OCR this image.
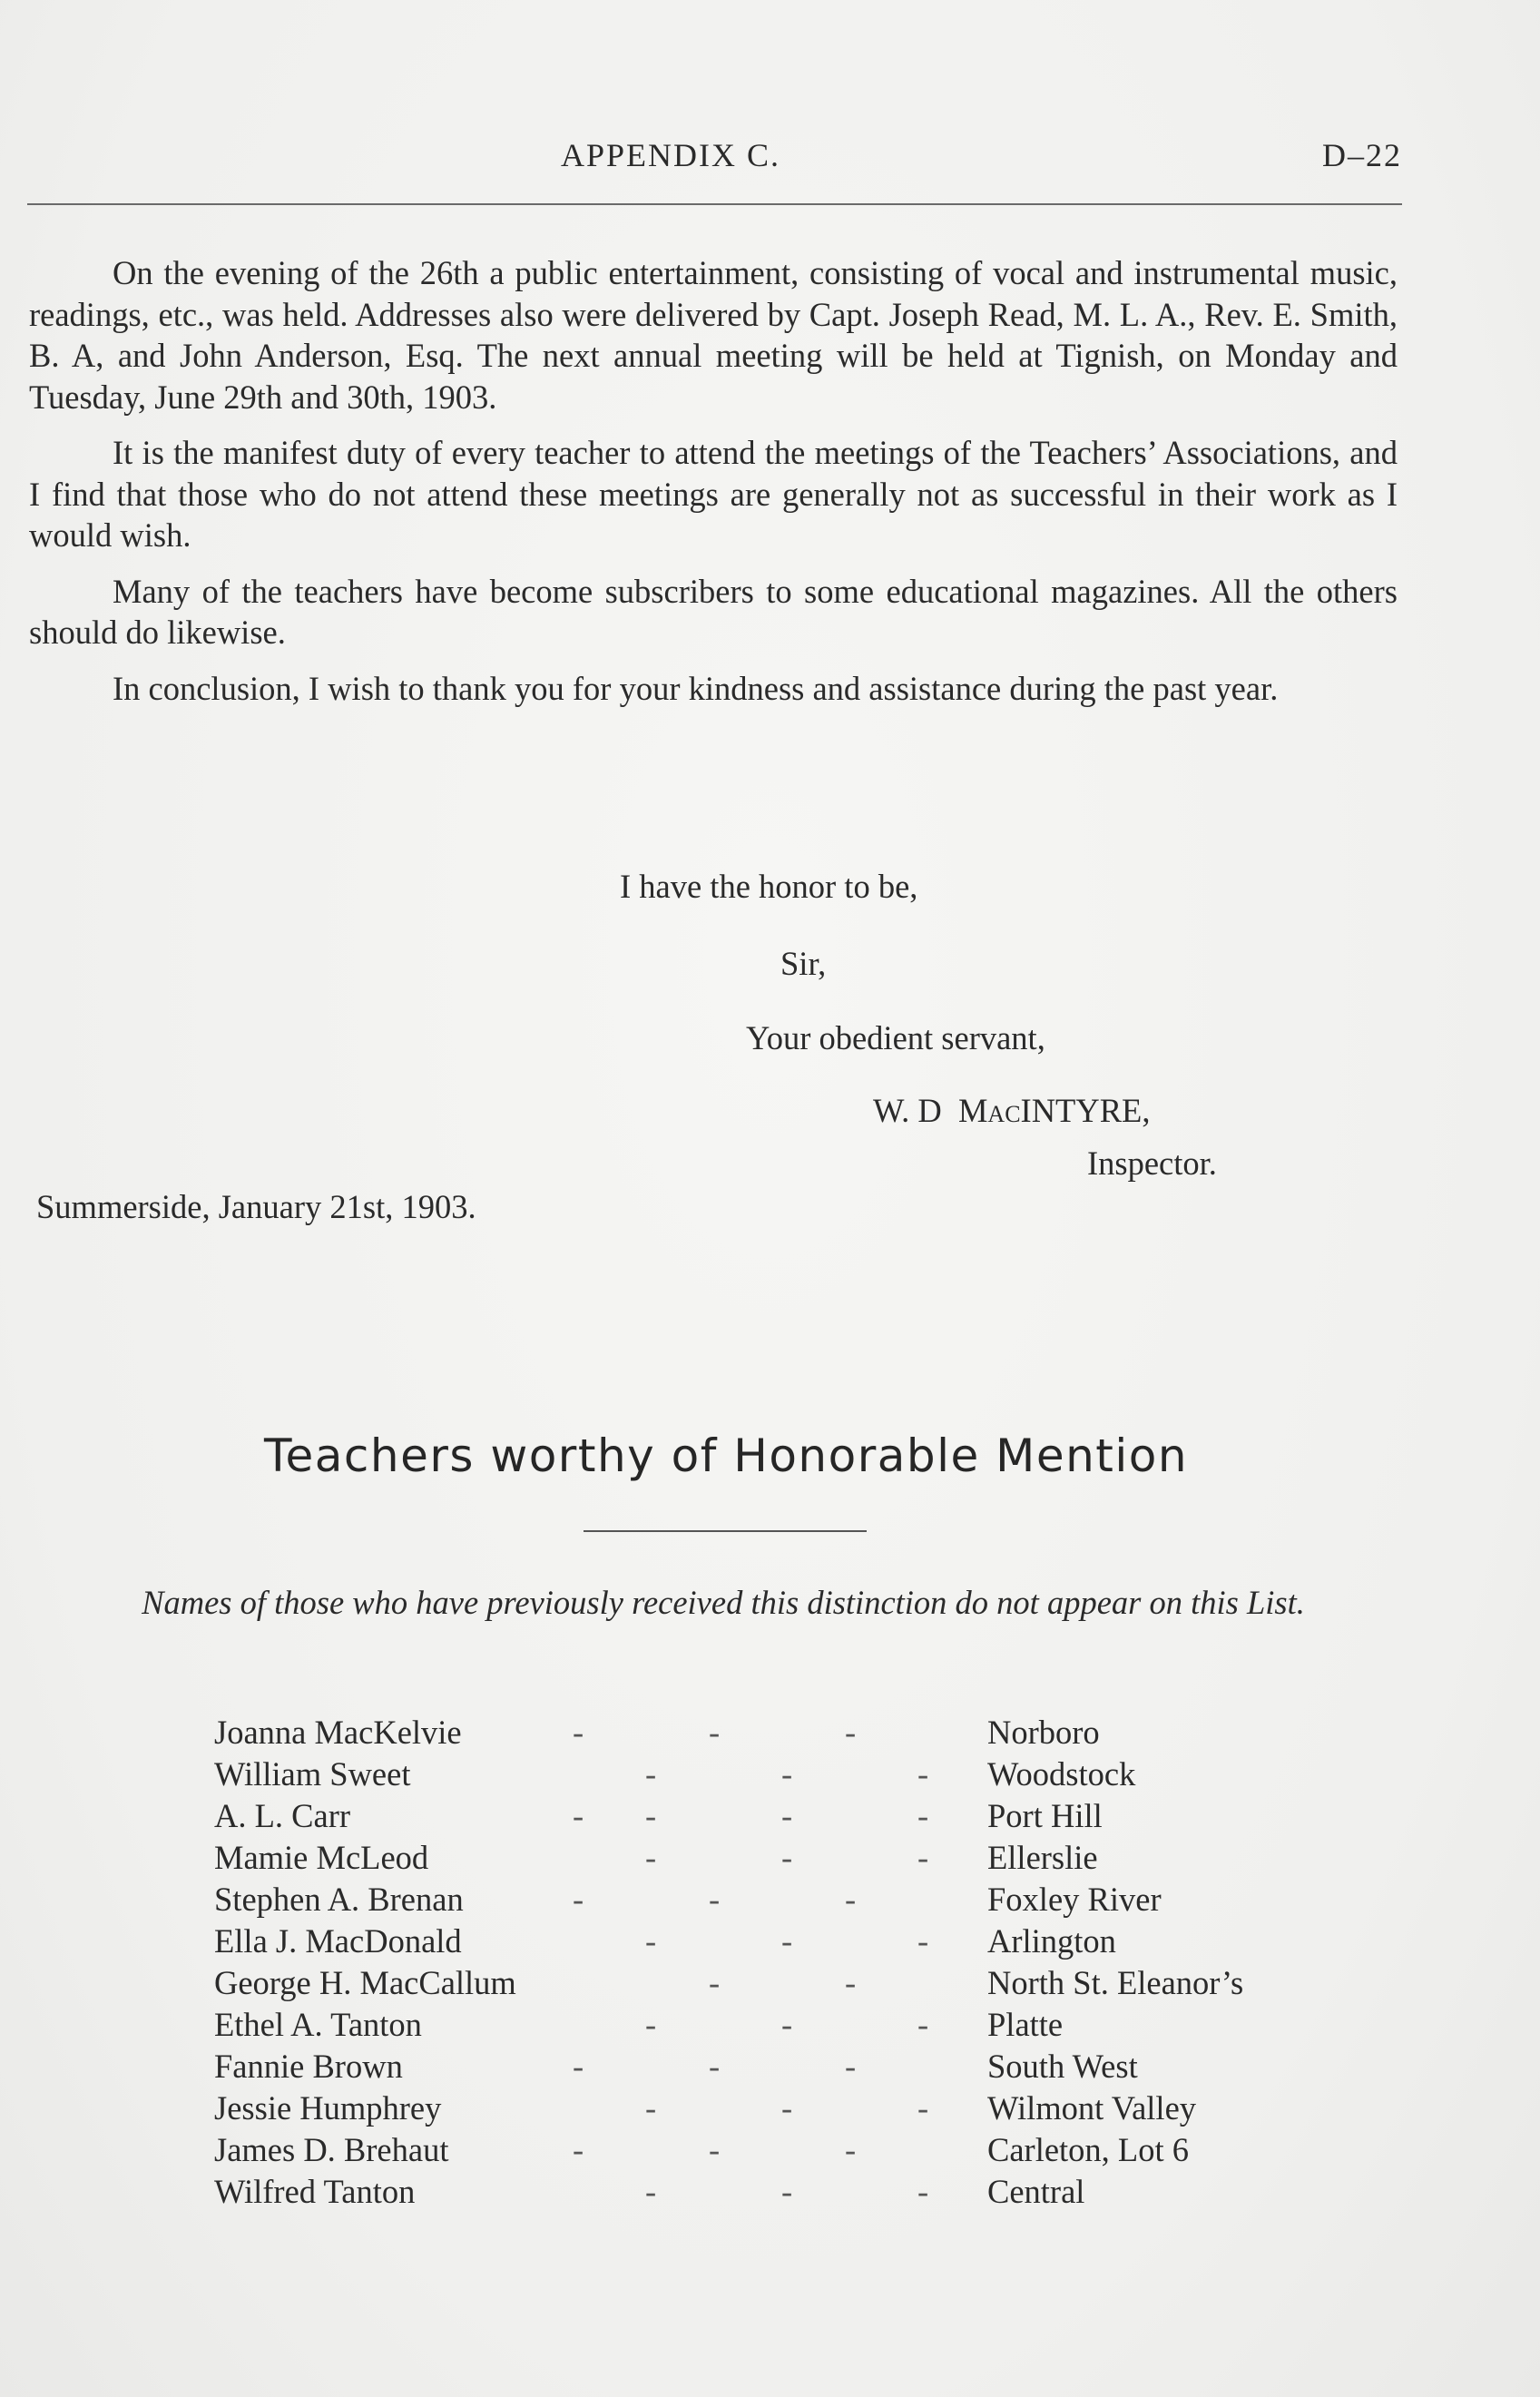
APPENDIX C.	D–22

On the evening of the 26th a public entertainment, consisting of vocal and instrumental music, readings, etc., was held. Addresses also were delivered by Capt. Joseph Read, M. L. A., Rev. E. Smith, B. A, and John Anderson, Esq. The next annual meeting will be held at Tignish, on Monday and Tuesday, June 29th and 30th, 1903.

It is the manifest duty of every teacher to attend the meetings of the Teachers’ Associations, and I find that those who do not attend these meetings are generally not as successful in their work as I would wish.

Many of the teachers have become subscribers to some educational magazines. All the others should do likewise.

In conclusion, I wish to thank you for your kindness and assistance during the past year.

I have the honor to be,
Sir,
Your obedient servant,
W. D MacINTYRE,
Inspector.
Summerside, January 21st, 1903.
Teachers worthy of Honorable Mention
Names of those who have previously received this distinction do not appear on this List.
Joanna MacKelvie	-	-	-	Norboro
William Sweet	-	-	- Woodstock
A. L. Carr	- -	-	- Port Hill
Mamie McLeod	-	-	- Ellerslie
Stephen A. Brenan	-	-	-	Foxley River
Ella J. MacDonald	-	-	- Arlington
George H. MacCallum	-	-	North St. Eleanor’s
Ethel A. Tanton	-	-	- Platte
Fannie Brown	-	-	-	South West
Jessie Humphrey	-	-	- Wilmont Valley
James D. Brehaut	-	-	-	Carleton, Lot 6
Wilfred Tanton	-	-	- Central
